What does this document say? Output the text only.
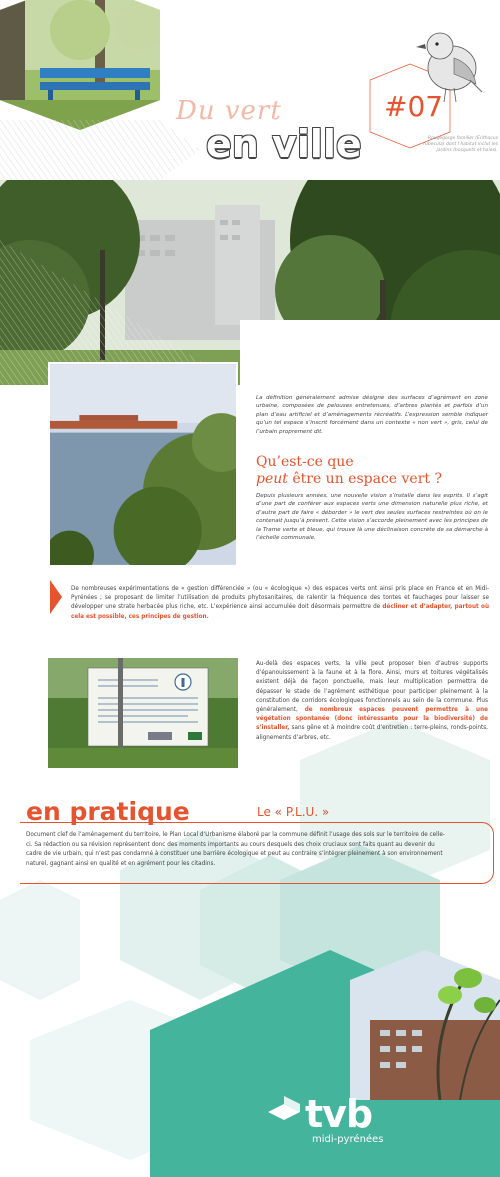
Du vert
en ville
#07
Rougegorge familier (Erithacus rubecula) dont l’habitat inclut les jardins (bosquets et haies).
Qu’est-ce qu’un espace vert ?
La définition généralement admise désigne des surfaces d’agrément en zone urbaine, composées de pelouses entretenues, d’arbres plantés et parfois d’un plan d’eau artificiel et d’aménagements récréatifs. L’expression semble indiquer qu’un tel espace s’inscrit forcément dans un contexte « non vert », gris, celui de l’urbain proprement dit.
Qu’est-ce que
peut être un espace vert ?
Depuis plusieurs années, une nouvelle vision s’installe dans les esprits. Il s’agit d’une part de conférer aux espaces verts une dimension naturelle plus riche, et d’autre part de faire « déborder » le vert des seules surfaces restreintes où on le contenait jusqu’à présent. Cette vision s’accorde pleinement avec les principes de la Trame verte et bleue, qui trouve là une déclinaison concrète de sa démarche à l’échelle communale.
De nombreuses expérimentations de « gestion différenciée » (ou « écologique ») des espaces verts ont ainsi pris place en France et en Midi-Pyrénées ; se proposant de limiter l’utilisation de produits phytosanitaires, de ralentir la fréquence des tontes et fauchages pour laisser se développer une strate herbacée plus riche, etc. L’expérience ainsi accumulée doit désormais permettre de décliner et d’adapter, partout où cela est possible, ces principes de gestion.
Au-delà des espaces verts, la ville peut proposer bien d’autres supports d’épanouissement à la faune et à la flore. Ainsi, murs et toitures végétalisés existent déjà de façon ponctuelle, mais leur multiplication permettra de dépasser le stade de l’agrément esthétique pour participer pleinement à la constitution de corridors écologiques fonctionnels au sein de la commune. Plus généralement, de nombreux espaces peuvent permettre à une végétation spontanée (donc intéressante pour la biodiversité) de s’installer, sans gêne et à moindre coût d’entretien : terre-pleins, ronds-points, alignements d’arbres, etc.
en pratique	Le « P.L.U. »
Document clef de l’aménagement du territoire, le Plan Local d’Urbanisme élaboré par la commune définit l’usage des sols sur le territoire de celle-ci. Sa rédaction ou sa révision représentent donc des moments importants au cours desquels des choix cruciaux sont faits quant au devenir du cadre de vie urbain, qui n’est pas condamné à constituer une barrière écologique et peut au contraire s’intégrer pleinement à son environnement naturel, gagnant ainsi en qualité et en agrément pour les citadins.
tvb
midi-pyrénées
